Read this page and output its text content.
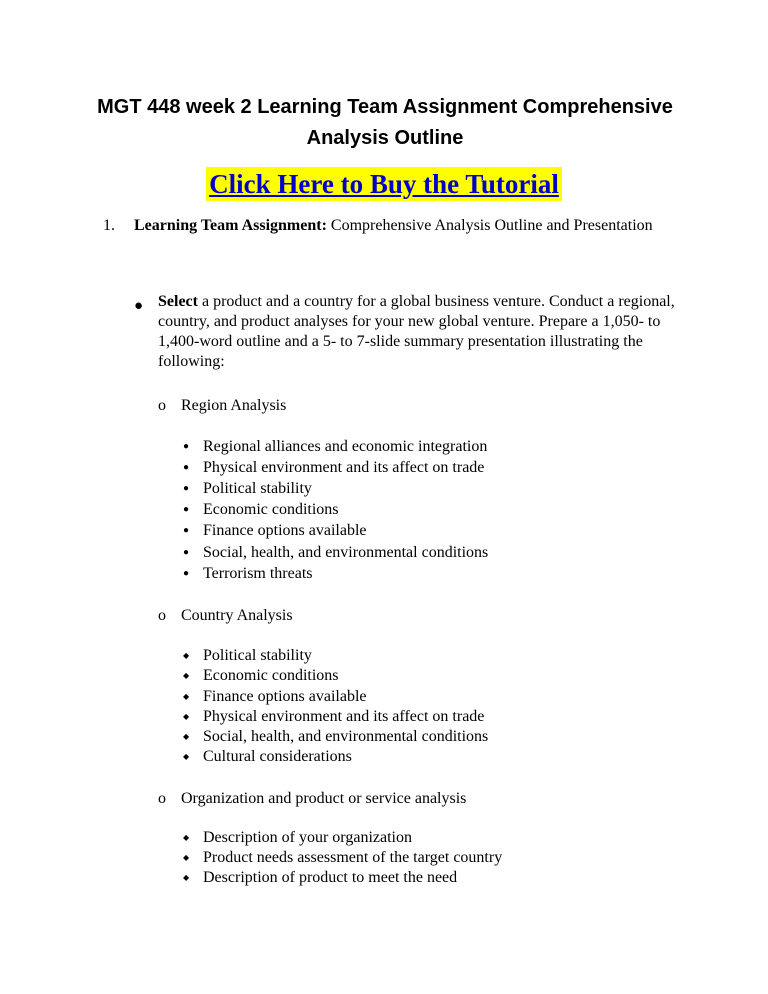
MGT 448 week 2 Learning Team Assignment Comprehensive
Analysis Outline
Click Here to Buy the Tutorial
1. Learning Team Assignment: Comprehensive Analysis Outline and Presentation
● Select a product and a country for a global business venture. Conduct a regional, country, and product analyses for your new global venture. Prepare a 1,050- to 1,400-word outline and a 5- to 7-slide summary presentation illustrating the following:
o Region Analysis
●Regional alliances and economic integration
●Physical environment and its affect on trade
●Political stability
●Economic conditions
●Finance options available
●Social, health, and environmental conditions
●Terrorism threats
o Country Analysis
◆Political stability
◆Economic conditions
◆Finance options available
◆Physical environment and its affect on trade
◆Social, health, and environmental conditions
◆Cultural considerations
o Organization and product or service analysis
◆Description of your organization
◆Product needs assessment of the target country
◆Description of product to meet the need
